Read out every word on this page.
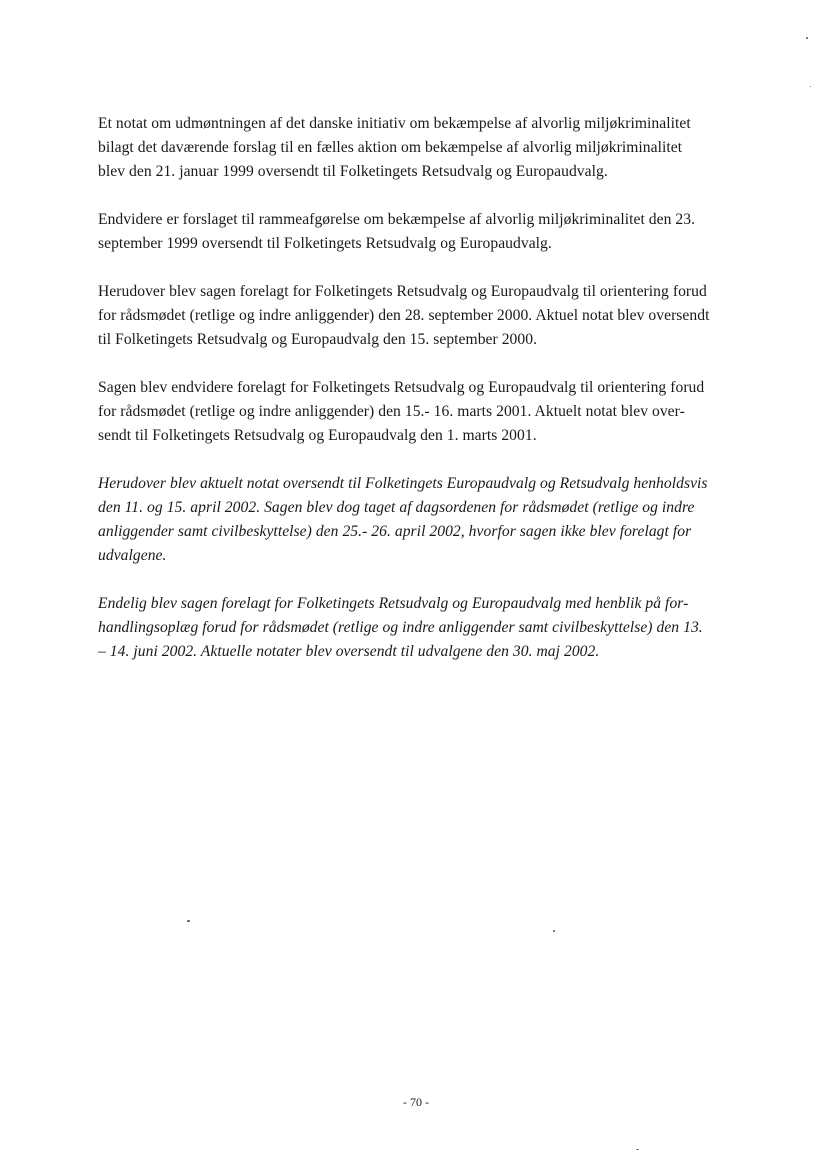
Et notat om udmøntningen af det danske initiativ om bekæmpelse af alvorlig miljøkriminalitet
bilagt det daværende forslag til en fælles aktion om bekæmpelse af alvorlig miljøkriminalitet
blev den 21. januar 1999 oversendt til Folketingets Retsudvalg og Europaudvalg.

Endvidere er forslaget til rammeafgørelse om bekæmpelse af alvorlig miljøkriminalitet den 23.
september 1999 oversendt til Folketingets Retsudvalg og Europaudvalg.

Herudover blev sagen forelagt for Folketingets Retsudvalg og Europaudvalg til orientering forud
for rådsmødet (retlige og indre anliggender) den 28. september 2000. Aktuel notat blev oversendt
til Folketingets Retsudvalg og Europaudvalg den 15. september 2000.

Sagen blev endvidere forelagt for Folketingets Retsudvalg og Europaudvalg til orientering forud
for rådsmødet (retlige og indre anliggender) den 15.- 16. marts 2001. Aktuelt notat blev over-
sendt til Folketingets Retsudvalg og Europaudvalg den 1. marts 2001.

Herudover blev aktuelt notat oversendt til Folketingets Europaudvalg og Retsudvalg henholdsvis
den 11. og 15. april 2002. Sagen blev dog taget af dagsordenen for rådsmødet (retlige og indre
anliggender samt civilbeskyttelse) den 25.- 26. april 2002, hvorfor sagen ikke blev forelagt for
udvalgene.

Endelig blev sagen forelagt for Folketingets Retsudvalg og Europaudvalg med henblik på for-
handlingsoplæg forud for rådsmødet (retlige og indre anliggender samt civilbeskyttelse) den 13.
– 14. juni 2002. Aktuelle notater blev oversendt til udvalgene den 30. maj 2002.

- 70 -
